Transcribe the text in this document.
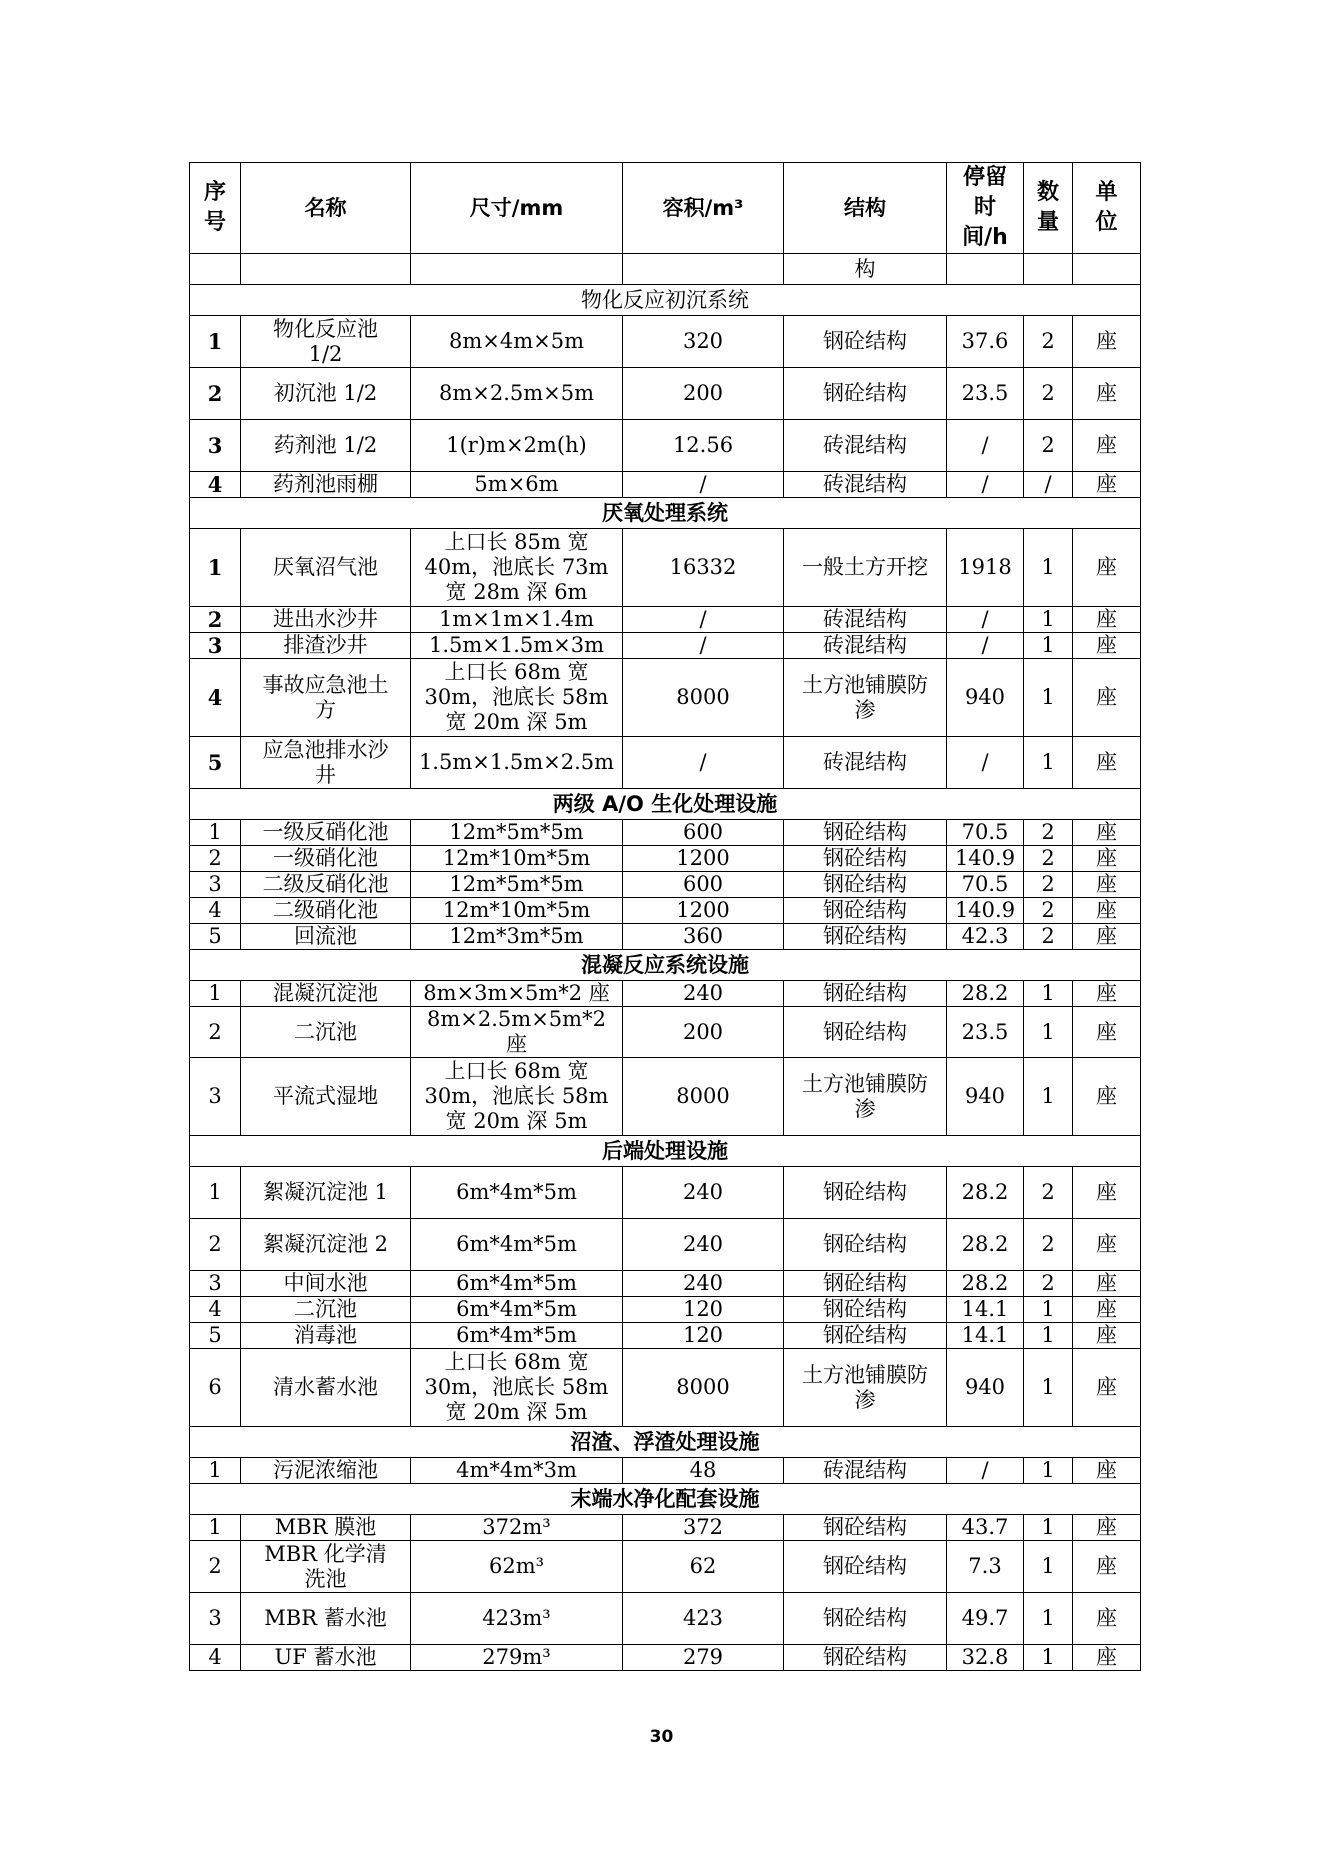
序号	名称	尺寸/mm	容积/m³	结构	停留时间/h	数量	单位
				构			
物化反应初沉系统							
1	物化反应池 1/2	8m×4m×5m	320	钢砼结构	37.6	2	座
2	初沉池 1/2	8m×2.5m×5m	200	钢砼结构	23.5	2	座
3	药剂池 1/2	1(r)m×2m(h)	12.56	砖混结构	/	2	座
4	药剂池雨棚	5m×6m	/	砖混结构	/	/	座
厌氧处理系统							
1	厌氧沼气池	上口长 85m 宽 40m，池底长 73m 宽 28m 深 6m	16332	一般土方开挖	1918	1	座
2	进出水沙井	1m×1m×1.4m	/	砖混结构	/	1	座
3	排渣沙井	1.5m×1.5m×3m	/	砖混结构	/	1	座
4	事故应急池土方	上口长 68m 宽 30m，池底长 58m 宽 20m 深 5m	8000	土方池铺膜防渗	940	1	座
5	应急池排水沙井	1.5m×1.5m×2.5m	/	砖混结构	/	1	座
两级 A/O 生化处理设施							
1	一级反硝化池	12m*5m*5m	600	钢砼结构	70.5	2	座
2	一级硝化池	12m*10m*5m	1200	钢砼结构	140.9	2	座
3	二级反硝化池	12m*5m*5m	600	钢砼结构	70.5	2	座
4	二级硝化池	12m*10m*5m	1200	钢砼结构	140.9	2	座
5	回流池	12m*3m*5m	360	钢砼结构	42.3	2	座
混凝反应系统设施							
1	混凝沉淀池	8m×3m×5m*2 座	240	钢砼结构	28.2	1	座
2	二沉池	8m×2.5m×5m*2 座	200	钢砼结构	23.5	1	座
3	平流式湿地	上口长 68m 宽 30m，池底长 58m 宽 20m 深 5m	8000	土方池铺膜防渗	940	1	座
后端处理设施							
1	絮凝沉淀池 1	6m*4m*5m	240	钢砼结构	28.2	2	座
2	絮凝沉淀池 2	6m*4m*5m	240	钢砼结构	28.2	2	座
3	中间水池	6m*4m*5m	240	钢砼结构	28.2	2	座
4	二沉池	6m*4m*5m	120	钢砼结构	14.1	1	座
5	消毒池	6m*4m*5m	120	钢砼结构	14.1	1	座
6	清水蓄水池	上口长 68m 宽 30m，池底长 58m 宽 20m 深 5m	8000	土方池铺膜防渗	940	1	座
沼渣、浮渣处理设施							
1	污泥浓缩池	4m*4m*3m	48	砖混结构	/	1	座
末端水净化配套设施							
1	MBR 膜池	372m³	372	钢砼结构	43.7	1	座
2	MBR 化学清洗池	62m³	62	钢砼结构	7.3	1	座
3	MBR 蓄水池	423m³	423	钢砼结构	49.7	1	座
4	UF 蓄水池	279m³	279	钢砼结构	32.8	1	座
30
